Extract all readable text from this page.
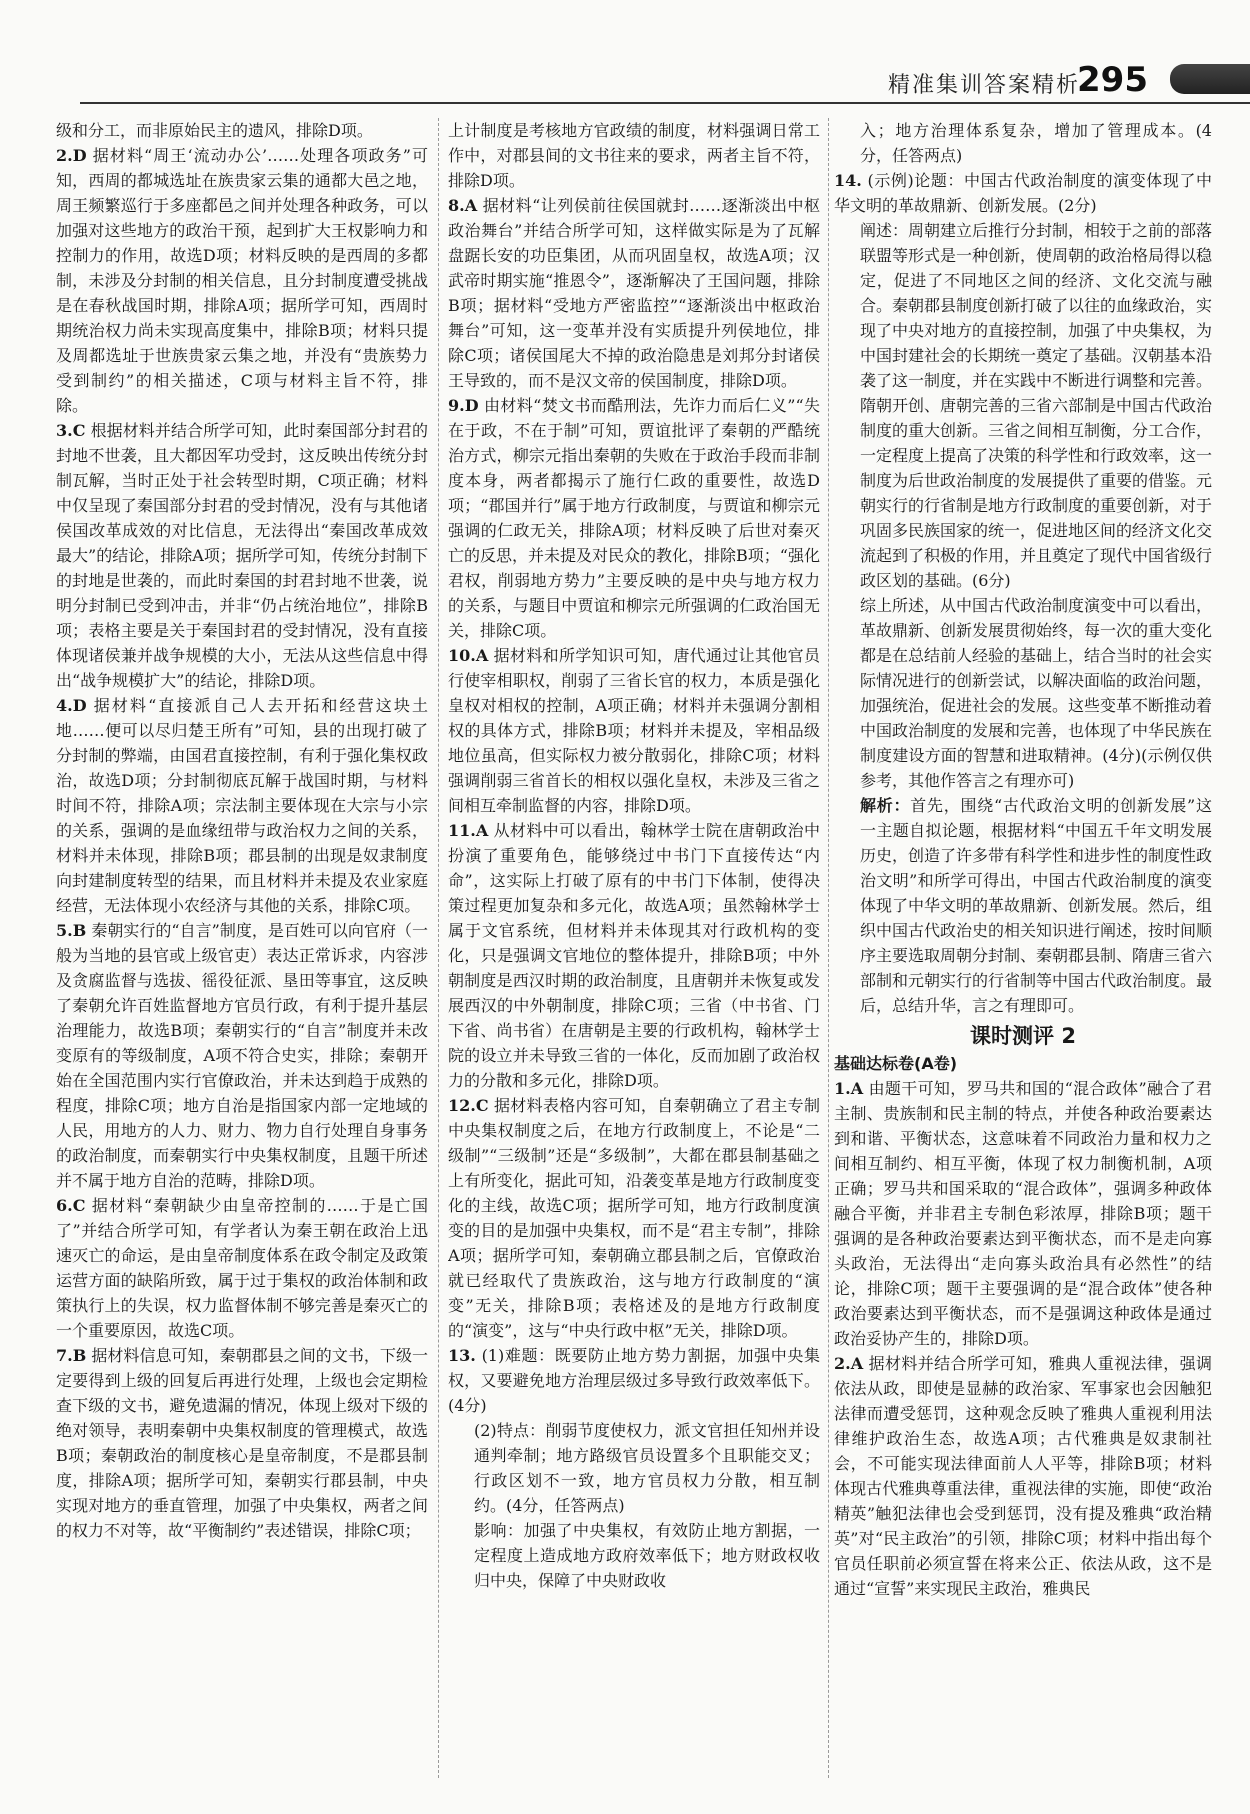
精准集训答案精析
295

级和分工，而非原始民主的遗风，排除D项。

2.D 据材料“周王‘流动办公’……处理各项政务”可知，西周的都城选址在族贵家云集的通都大邑之地，周王频繁巡行于多座都邑之间并处理各种政务，可以加强对这些地方的政治干预，起到扩大王权影响力和控制力的作用，故选D项；材料反映的是西周的多都制，未涉及分封制的相关信息，且分封制度遭受挑战是在春秋战国时期，排除A项；据所学可知，西周时期统治权力尚未实现高度集中，排除B项；材料只提及周都选址于世族贵家云集之地，并没有“贵族势力受到制约”的相关描述，C项与材料主旨不符，排除。

3.C 根据材料并结合所学可知，此时秦国部分封君的封地不世袭，且大都因军功受封，这反映出传统分封制瓦解，当时正处于社会转型时期，C项正确；材料中仅呈现了秦国部分封君的受封情况，没有与其他诸侯国改革成效的对比信息，无法得出“秦国改革成效最大”的结论，排除A项；据所学可知，传统分封制下的封地是世袭的，而此时秦国的封君封地不世袭，说明分封制已受到冲击，并非“仍占统治地位”，排除B项；表格主要是关于秦国封君的受封情况，没有直接体现诸侯兼并战争规模的大小，无法从这些信息中得出“战争规模扩大”的结论，排除D项。

4.D 据材料“直接派自己人去开拓和经营这块土地……便可以尽归楚王所有”可知，县的出现打破了分封制的弊端，由国君直接控制，有利于强化集权政治，故选D项；分封制彻底瓦解于战国时期，与材料时间不符，排除A项；宗法制主要体现在大宗与小宗的关系，强调的是血缘纽带与政治权力之间的关系，材料并未体现，排除B项；郡县制的出现是奴隶制度向封建制度转型的结果，而且材料并未提及农业家庭经营，无法体现小农经济与其他的关系，排除C项。

5.B 秦朝实行的“自言”制度，是百姓可以向官府（一般为当地的县官或上级官吏）表达正常诉求，内容涉及贪腐监督与选拔、徭役征派、垦田等事宜，这反映了秦朝允许百姓监督地方官员行政，有利于提升基层治理能力，故选B项；秦朝实行的“自言”制度并未改变原有的等级制度，A项不符合史实，排除；秦朝开始在全国范围内实行官僚政治，并未达到趋于成熟的程度，排除C项；地方自治是指国家内部一定地域的人民，用地方的人力、财力、物力自行处理自身事务的政治制度，而秦朝实行中央集权制度，且题干所述并不属于地方自治的范畴，排除D项。

6.C 据材料“秦朝缺少由皇帝控制的……于是亡国了”并结合所学可知，有学者认为秦王朝在政治上迅速灭亡的命运，是由皇帝制度体系在政令制定及政策运营方面的缺陷所致，属于过于集权的政治体制和政策执行上的失误，权力监督体制不够完善是秦灭亡的一个重要原因，故选C项。

7.B 据材料信息可知，秦朝郡县之间的文书，下级一定要得到上级的回复后再进行处理，上级也会定期检查下级的文书，避免遗漏的情况，体现上级对下级的绝对领导，表明秦朝中央集权制度的管理模式，故选B项；秦朝政治的制度核心是皇帝制度，不是郡县制度，排除A项；据所学可知，秦朝实行郡县制，中央实现对地方的垂直管理，加强了中央集权，两者之间的权力不对等，故“平衡制约”表述错误，排除C项；

上计制度是考核地方官政绩的制度，材料强调日常工作中，对郡县间的文书往来的要求，两者主旨不符，排除D项。

8.A 据材料“让列侯前往侯国就封……逐渐淡出中枢政治舞台”并结合所学可知，这样做实际是为了瓦解盘踞长安的功臣集团，从而巩固皇权，故选A项；汉武帝时期实施“推恩令”，逐渐解决了王国问题，排除B项；据材料“受地方严密监控”“逐渐淡出中枢政治舞台”可知，这一变革并没有实质提升列侯地位，排除C项；诸侯国尾大不掉的政治隐患是刘邦分封诸侯王导致的，而不是汉文帝的侯国制度，排除D项。

9.D 由材料“焚文书而酷刑法，先诈力而后仁义”“失在于政，不在于制”可知，贾谊批评了秦朝的严酷统治方式，柳宗元指出秦朝的失败在于政治手段而非制度本身，两者都揭示了施行仁政的重要性，故选D项；“郡国并行”属于地方行政制度，与贾谊和柳宗元强调的仁政无关，排除A项；材料反映了后世对秦灭亡的反思，并未提及对民众的教化，排除B项；“强化君权，削弱地方势力”主要反映的是中央与地方权力的关系，与题目中贾谊和柳宗元所强调的仁政治国无关，排除C项。

10.A 据材料和所学知识可知，唐代通过让其他官员行使宰相职权，削弱了三省长官的权力，本质是强化皇权对相权的控制，A项正确；材料并未强调分割相权的具体方式，排除B项；材料并未提及，宰相品级地位虽高，但实际权力被分散弱化，排除C项；材料强调削弱三省首长的相权以强化皇权，未涉及三省之间相互牵制监督的内容，排除D项。

11.A 从材料中可以看出，翰林学士院在唐朝政治中扮演了重要角色，能够绕过中书门下直接传达“内命”，这实际上打破了原有的中书门下体制，使得决策过程更加复杂和多元化，故选A项；虽然翰林学士属于文官系统，但材料并未体现其对行政机构的变化，只是强调文官地位的整体提升，排除B项；中外朝制度是西汉时期的政治制度，且唐朝并未恢复或发展西汉的中外朝制度，排除C项；三省（中书省、门下省、尚书省）在唐朝是主要的行政机构，翰林学士院的设立并未导致三省的一体化，反而加剧了政治权力的分散和多元化，排除D项。

12.C 据材料表格内容可知，自秦朝确立了君主专制中央集权制度之后，在地方行政制度上，不论是“二级制”“三级制”还是“多级制”，大都在郡县制基础之上有所变化，据此可知，沿袭变革是地方行政制度变化的主线，故选C项；据所学可知，地方行政制度演变的目的是加强中央集权，而不是“君主专制”，排除A项；据所学可知，秦朝确立郡县制之后，官僚政治就已经取代了贵族政治，这与地方行政制度的“演变”无关，排除B项；表格述及的是地方行政制度的“演变”，这与“中央行政中枢”无关，排除D项。

13. (1)难题：既要防止地方势力割据，加强中央集权，又要避免地方治理层级过多导致行政效率低下。(4分)

(2)特点：削弱节度使权力，派文官担任知州并设通判牵制；地方路级官员设置多个且职能交叉；行政区划不一致，地方官员权力分散，相互制约。(4分，任答两点)

影响：加强了中央集权，有效防止地方割据，一定程度上造成地方政府效率低下；地方财政权收归中央，保障了中央财政收

入；地方治理体系复杂，增加了管理成本。(4分，任答两点)

14. (示例)论题：中国古代政治制度的演变体现了中华文明的革故鼎新、创新发展。(2分)

阐述：周朝建立后推行分封制，相较于之前的部落联盟等形式是一种创新，使周朝的政治格局得以稳定，促进了不同地区之间的经济、文化交流与融合。秦朝郡县制度创新打破了以往的血缘政治，实现了中央对地方的直接控制，加强了中央集权，为中国封建社会的长期统一奠定了基础。汉朝基本沿袭了这一制度，并在实践中不断进行调整和完善。隋朝开创、唐朝完善的三省六部制是中国古代政治制度的重大创新。三省之间相互制衡，分工合作，一定程度上提高了决策的科学性和行政效率，这一制度为后世政治制度的发展提供了重要的借鉴。元朝实行的行省制是地方行政制度的重要创新，对于巩固多民族国家的统一，促进地区间的经济文化交流起到了积极的作用，并且奠定了现代中国省级行政区划的基础。(6分)

综上所述，从中国古代政治制度演变中可以看出，革故鼎新、创新发展贯彻始终，每一次的重大变化都是在总结前人经验的基础上，结合当时的社会实际情况进行的创新尝试，以解决面临的政治问题，加强统治，促进社会的发展。这些变革不断推动着中国政治制度的发展和完善，也体现了中华民族在制度建设方面的智慧和进取精神。(4分)(示例仅供参考，其他作答言之有理亦可)

解析：首先，围绕“古代政治文明的创新发展”这一主题自拟论题，根据材料“中国五千年文明发展历史，创造了许多带有科学性和进步性的制度性政治文明”和所学可得出，中国古代政治制度的演变体现了中华文明的革故鼎新、创新发展。然后，组织中国古代政治史的相关知识进行阐述，按时间顺序主要选取周朝分封制、秦朝郡县制、隋唐三省六部制和元朝实行的行省制等中国古代政治制度。最后，总结升华，言之有理即可。

课时测评 2
基础达标卷(A卷)

1.A 由题干可知，罗马共和国的“混合政体”融合了君主制、贵族制和民主制的特点，并使各种政治要素达到和谐、平衡状态，这意味着不同政治力量和权力之间相互制约、相互平衡，体现了权力制衡机制，A项正确；罗马共和国采取的“混合政体”，强调多种政体融合平衡，并非君主专制色彩浓厚，排除B项；题干强调的是各种政治要素达到平衡状态，而不是走向寡头政治，无法得出“走向寡头政治具有必然性”的结论，排除C项；题干主要强调的是“混合政体”使各种政治要素达到平衡状态，而不是强调这种政体是通过政治妥协产生的，排除D项。

2.A 据材料并结合所学可知，雅典人重视法律，强调依法从政，即使是显赫的政治家、军事家也会因触犯法律而遭受惩罚，这种观念反映了雅典人重视利用法律维护政治生态，故选A项；古代雅典是奴隶制社会，不可能实现法律面前人人平等，排除B项；材料体现古代雅典尊重法律，重视法律的实施，即使“政治精英”触犯法律也会受到惩罚，没有提及雅典“政治精英”对“民主政治”的引领，排除C项；材料中指出每个官员任职前必须宣誓在将来公正、依法从政，这不是通过“宣誓”来实现民主政治，雅典民
